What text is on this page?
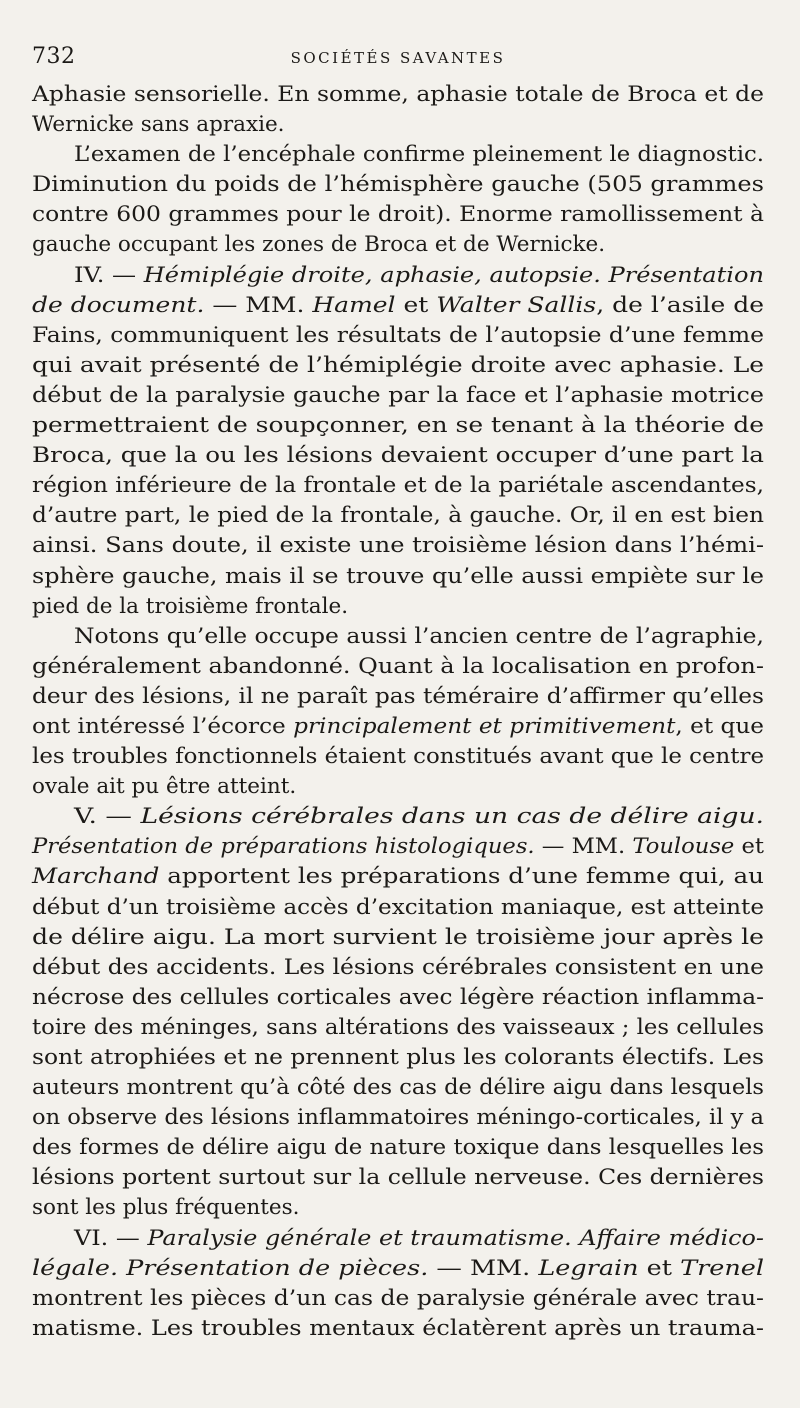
732	SOCIÉTÉS SAVANTES
Aphasie sensorielle. En somme, aphasie totale de Broca et de
Wernicke sans apraxie.
L’examen de l’encéphale confirme pleinement le diagnostic.
Diminution du poids de l’hémisphère gauche (505 grammes
contre 600 grammes pour le droit). Enorme ramollissement à
gauche occupant les zones de Broca et de Wernicke.
IV. — Hémiplégie droite, aphasie, autopsie. Présentation
de document. — MM. Hamel et Walter Sallis, de l’asile de
Fains, communiquent les résultats de l’autopsie d’une femme
qui avait présenté de l’hémiplégie droite avec aphasie. Le
début de la paralysie gauche par la face et l’aphasie motrice
permettraient de soupçonner, en se tenant à la théorie de
Broca, que la ou les lésions devaient occuper d’une part la
région inférieure de la frontale et de la pariétale ascendantes,
d’autre part, le pied de la frontale, à gauche. Or, il en est bien
ainsi. Sans doute, il existe une troisième lésion dans l’hémi-
sphère gauche, mais il se trouve qu’elle aussi empiète sur le
pied de la troisième frontale.
Notons qu’elle occupe aussi l’ancien centre de l’agraphie,
généralement abandonné. Quant à la localisation en profon-
deur des lésions, il ne paraît pas téméraire d’affirmer qu’elles
ont intéressé l’écorce principalement et primitivement, et que
les troubles fonctionnels étaient constitués avant que le centre
ovale ait pu être atteint.
V. — Lésions cérébrales dans un cas de délire aigu.
Présentation de préparations histologiques. — MM. Toulouse et
Marchand apportent les préparations d’une femme qui, au
début d’un troisième accès d’excitation maniaque, est atteinte
de délire aigu. La mort survient le troisième jour après le
début des accidents. Les lésions cérébrales consistent en une
nécrose des cellules corticales avec légère réaction inflamma-
toire des méninges, sans altérations des vaisseaux ; les cellules
sont atrophiées et ne prennent plus les colorants électifs. Les
auteurs montrent qu’à côté des cas de délire aigu dans lesquels
on observe des lésions inflammatoires méningo-corticales, il y a
des formes de délire aigu de nature toxique dans lesquelles les
lésions portent surtout sur la cellule nerveuse. Ces dernières
sont les plus fréquentes.
VI. — Paralysie générale et traumatisme. Affaire médico-
légale. Présentation de pièces. — MM. Legrain et Trenel
montrent les pièces d’un cas de paralysie générale avec trau-
matisme. Les troubles mentaux éclatèrent après un trauma-
